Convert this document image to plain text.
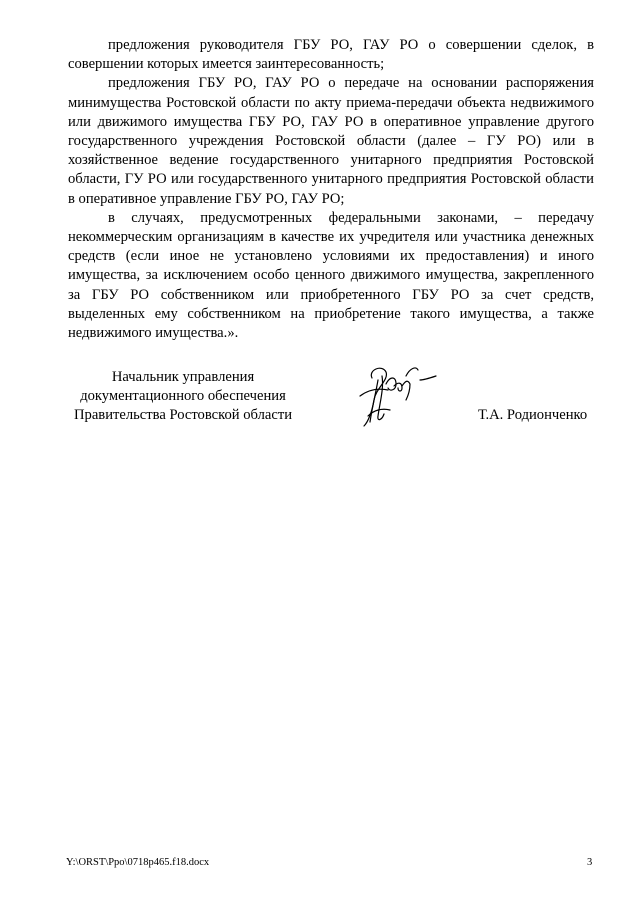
предложения руководителя ГБУ РО, ГАУ РО о совершении сделок, в совершении которых имеется заинтересованность;

предложения ГБУ РО, ГАУ РО о передаче на основании распоряжения минимущества Ростовской области по акту приема-передачи объекта недвижимого или движимого имущества ГБУ РО, ГАУ РО в оперативное управление другого государственного учреждения Ростовской области (далее – ГУ РО) или в хозяйственное ведение государственного унитарного предприятия Ростовской области, ГУ РО или государственного унитарного предприятия Ростовской области в оперативное управление ГБУ РО, ГАУ РО;

в случаях, предусмотренных федеральными законами, – передачу некоммерческим организациям в качестве их учредителя или участника денежных средств (если иное не установлено условиями их предоставления) и иного имущества, за исключением особо ценного движимого имущества, закрепленного за ГБУ РО собственником или приобретенного ГБУ РО за счет средств, выделенных ему собственником на приобретение такого имущества, а также недвижимого имущества.».

Начальник управления
документационного обеспечения
Правительства Ростовской области	Т.А. Родионченко
Y:\ORST\Ppo\0718p465.f18.docx	3
